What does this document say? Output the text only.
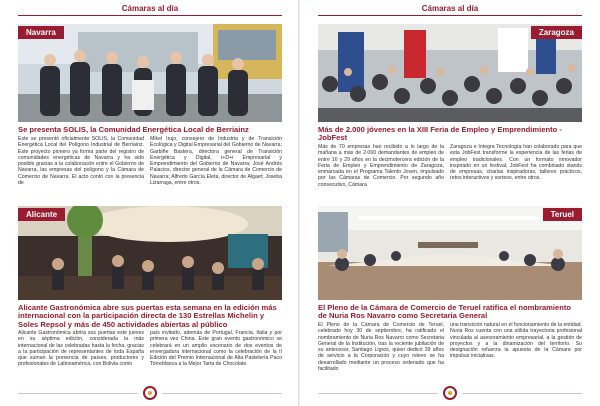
Cámaras al día
Navarra
Se presenta SOLIS, la Comunidad Energética Local de Berriainz
Este se presentó oficialmente SOLIS, la Comunidad Energética Local del Polígono Industrial de Berriainz. Este proyecto pionero ya forma parte del registro de comunidades energéticas de Navarra y ha sido posible gracias a la colaboración entre el Gobierno de Navarra, las empresas del polígono y la Cámara de Comercio de Navarra. El acto contó con la presencia de
Mikel Irujo, consejero de Industria y de Transición Ecológica y Digital Empresarial del Gobierno de Navarra; Garbiñe Bastera, directora general de Transición Energética y Digital, I+D+i Empresarial y Emprendimiento del Gobierno de Navarra; José Andrés Palacios, director general de la Cámara de Comercio de Navarra; Alfredo García Eleta, director de Algaet; Joseba Lizarraga, entre otros.
Alicante
Alicante Gastronómica abre sus puertas esta semana en la edición más internacional con la participación directa de 130 Estrellas Michelin y Soles Repsol y más de 450 actividades abiertas al público
Alicante Gastronómica abrirá sus puertas este jueves en su séptima edición, considerada la más internacional de las celebradas hasta la fecha, gracias a la participación de representantes de toda España que suman la presencia de países, productores y profesionales de Latinoamérica, con Bolivia como
país invitado, además de Portugal, Francia, Italia y por primera vez China. Este gran evento gastronómico se celebrará en un amplio escenario de dos eventos de envergadura internacional como la celebración de la II Edición del Premio Internacional de Alta Pastelería Paco Torreblanca a la Mejor Tarta de Chocolate.
Cámaras al día
Zaragoza
Más de 2.000 jóvenes en la XIII Feria de Empleo y Emprendimiento - JobFest
Más de 70 empresas han recibido a lo largo de la mañana a más de 2.000 demandantes de empleo de entre 16 y 29 años en la decimotercera edición de la Feria de Empleo y Emprendimiento de Zaragoza, enmarcada en el Programa Talento Joven, impulsado por las Cámaras de Comercio. Por segundo año consecutivo, Cámara
Zaragoza e Integra Tecnología han colaborado para que esta JobFest transforme la experiencia de las ferias de empleo tradicionales. Con un formato innovador inspirado en un festival, JobFest ha combinado stands de empresas, charlas inspiradoras, talleres prácticos, retos interactivos y sorteos, entre otros.
Teruel
El Pleno de la Cámara de Comercio de Teruel ratifica el nombramiento de Nuria Ros Navarro como Secretaria General
El Pleno de la Cámara de Comercio de Teruel, celebrado hoy 30 de septiembre, ha ratificado el nombramiento de Nuria Ros Navarro como Secretaria General de la Institución, tras la reciente jubilación de su antecesor, Santiago Ligros, quien dedicó 39 años de servicio a la Corporación y cuyo relevo se ha desarrollado mediante un proceso ordenado que ha facilitado
una transición natural en el funcionamiento de la entidad. Nuria Ros cuenta con una sólida trayectoria profesional vinculada al asesoramiento empresarial, a la gestión de proyectos y a la dinamización del territorio. Su designación refuerza la apuesta de la Cámara por impulsar iniciativas.
